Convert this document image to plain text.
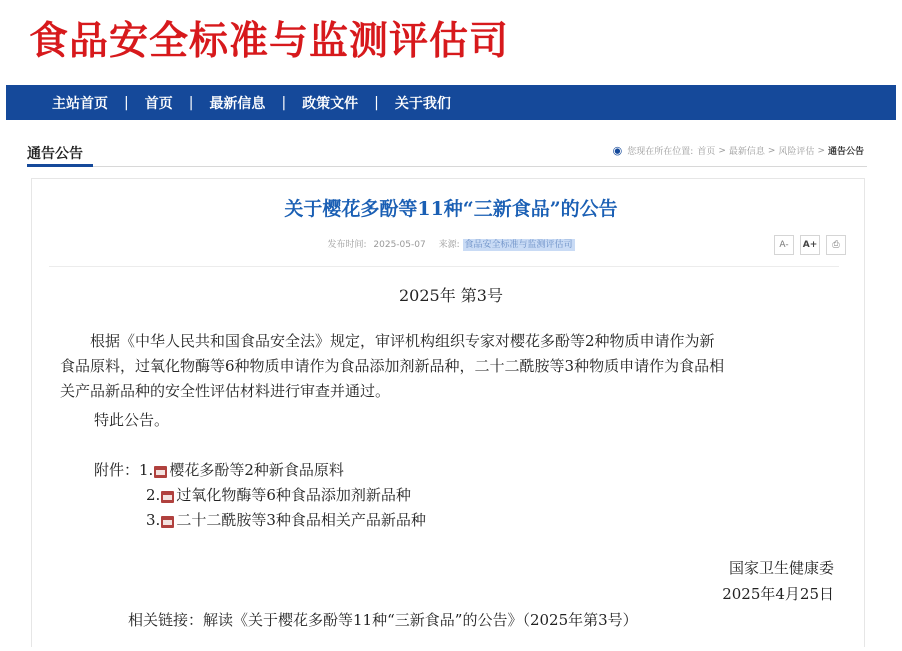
食品安全标准与监测评估司
主站首页 | 首页 | 最新信息 | 政策文件 | 关于我们
通告公告	◉ 您现在所在位置: 首页 > 最新信息 > 风险评估 > 通告公告
关于樱花多酚等11种“三新食品”的公告
发布时间: 2025-05-07 来源: 食品安全标准与监测评估司	A-	A+	⎙
2025年 第3号
　　根据《中华人民共和国食品安全法》规定，审评机构组织专家对樱花多酚等2种物质申请作为新
食品原料，过氧化物酶等6种物质申请作为食品添加剂新品种，二十二酰胺等3种物质申请作为食品相
关产品新品种的安全性评估材料进行审查并通过。
特此公告。
附件： 1. 樱花多酚等2种新食品原料
2. 过氧化物酶等6种食品添加剂新品种
3. 二十二酰胺等3种食品相关产品新品种
国家卫生健康委
2025年4月25日
相关链接：解读《关于樱花多酚等11种“三新食品”的公告》（2025年第3号）
